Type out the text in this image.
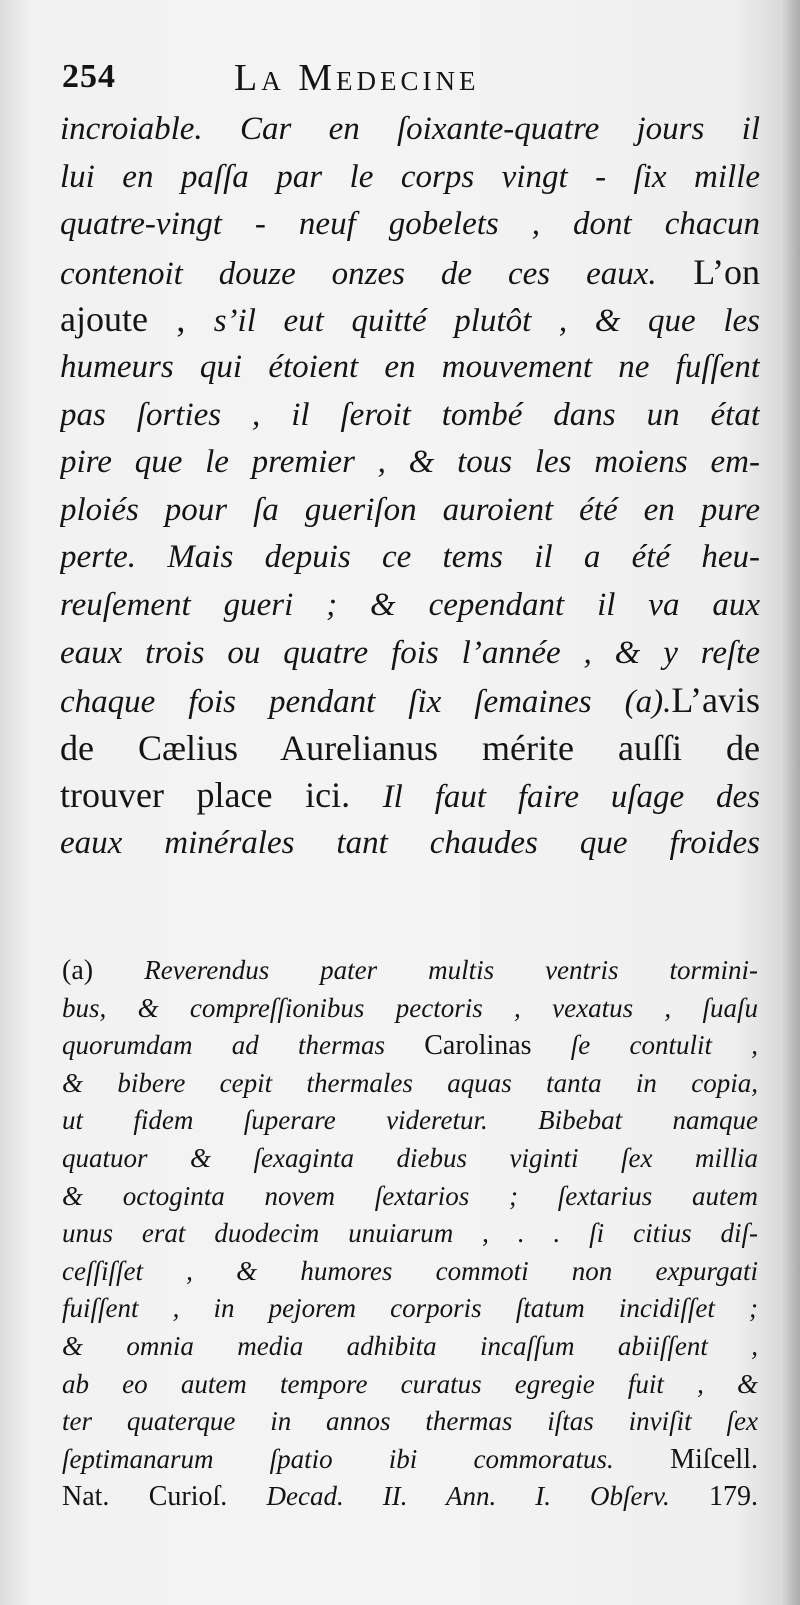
254	La Medecine
incroiable. Car en ſoixante-quatre jours il
lui en paſſa par le corps vingt - ſix mille
quatre-vingt - neuf gobelets , dont chacun
contenoit douze onzes de ces eaux. L’on
ajoute , s’il eut quitté plutôt , & que les
humeurs qui étoient en mouvement ne fuſſent
pas ſorties , il ſeroit tombé dans un état
pire que le premier , & tous les moiens em-
ploiés pour ſa gueriſon auroient été en pure
perte. Mais depuis ce tems il a été heu-
reuſement gueri ; & cependant il va aux
eaux trois ou quatre fois l’année , & y reſte
chaque fois pendant ſix ſemaines (a).L’avis
de Cælius Aurelianus mérite auſſi de
trouver place ici. Il faut faire uſage des
eaux minérales tant chaudes que froides
(a) Reverendus pater multis ventris tormini-
bus, & compreſſionibus pectoris , vexatus , ſuaſu
quorumdam ad thermas Carolinas ſe contulit ,
& bibere cepit thermales aquas tanta in copia,
ut fidem ſuperare videretur. Bibebat namque
quatuor & ſexaginta diebus viginti ſex millia
& octoginta novem ſextarios ; ſextarius autem
unus erat duodecim unuiarum , . . ſi citius diſ-
ceſſiſſet , & humores commoti non expurgati
fuiſſent , in pejorem corporis ſtatum incidiſſet ;
& omnia media adhibita incaſſum abiiſſent ,
ab eo autem tempore curatus egregie fuit , &
ter quaterque in annos thermas iſtas inviſit ſex
ſeptimanarum ſpatio ibi commoratus. Miſcell.
Nat. Curioſ. Decad. II. Ann. I. Obſerv. 179.
